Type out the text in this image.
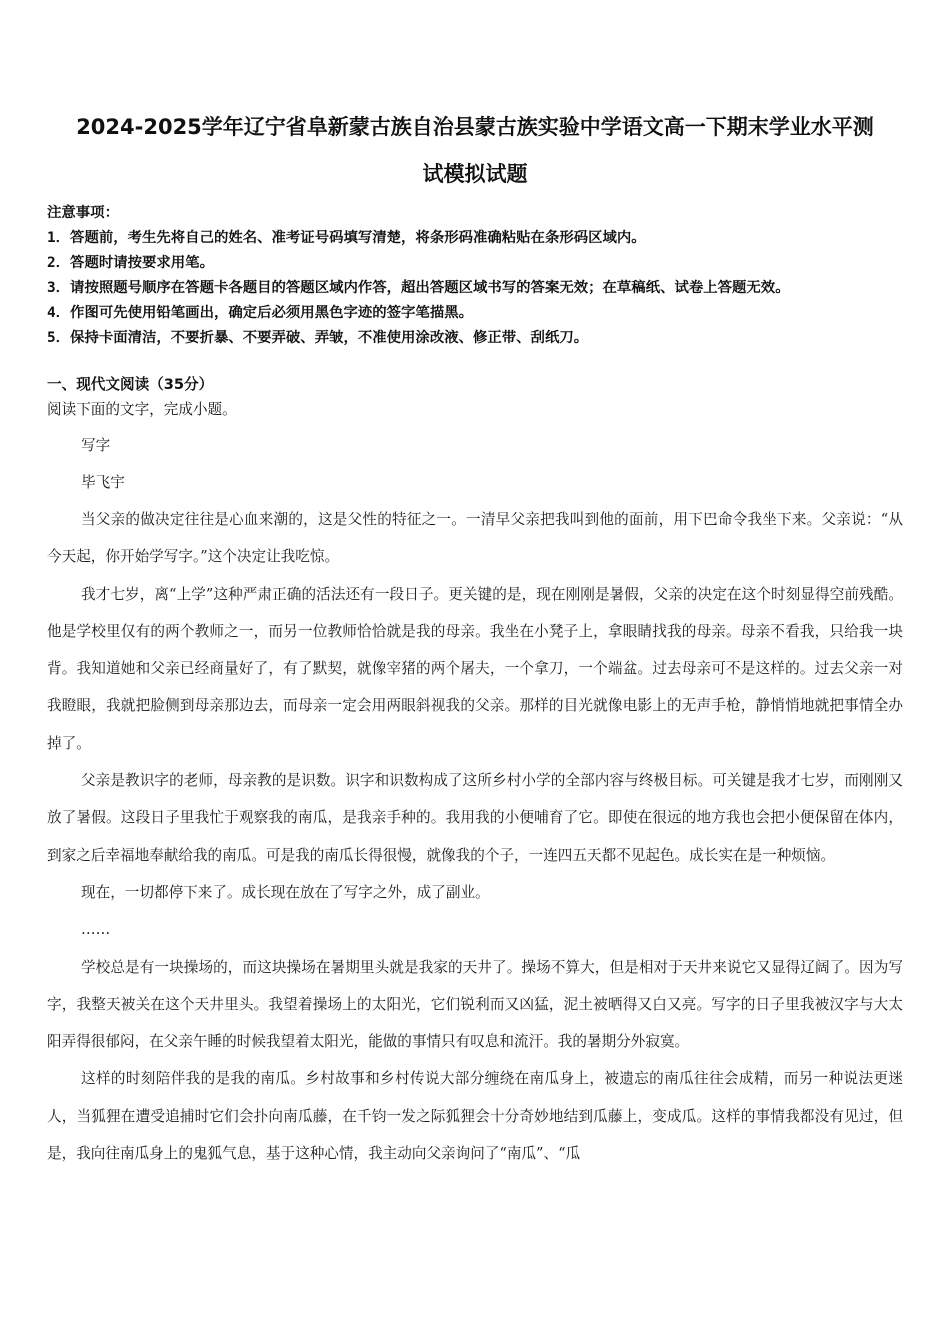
2024-2025学年辽宁省阜新蒙古族自治县蒙古族实验中学语文高一下期末学业水平测
试模拟试题
注意事项：
1．答题前，考生先将自己的姓名、准考证号码填写清楚，将条形码准确粘贴在条形码区域内。
2．答题时请按要求用笔。
3．请按照题号顺序在答题卡各题目的答题区域内作答，超出答题区域书写的答案无效；在草稿纸、试卷上答题无效。
4．作图可先使用铅笔画出，确定后必须用黑色字迹的签字笔描黑。
5．保持卡面清洁，不要折暴、不要弄破、弄皱，不准使用涂改液、修正带、刮纸刀。
一、现代文阅读（35分）
阅读下面的文字，完成小题。
写字
毕飞宇

当父亲的做决定往往是心血来潮的，这是父性的特征之一。一清早父亲把我叫到他的面前，用下巴命令我坐下来。父亲说：“从今天起，你开始学写字。”这个决定让我吃惊。

我才七岁，离“上学”这种严肃正确的活法还有一段日子。更关键的是，现在刚刚是暑假，父亲的决定在这个时刻显得空前残酷。他是学校里仅有的两个教师之一，而另一位教师恰恰就是我的母亲。我坐在小凳子上，拿眼睛找我的母亲。母亲不看我，只给我一块背。我知道她和父亲已经商量好了，有了默契，就像宰猪的两个屠夫，一个拿刀，一个端盆。过去母亲可不是这样的。过去父亲一对我瞪眼，我就把脸侧到母亲那边去，而母亲一定会用两眼斜视我的父亲。那样的目光就像电影上的无声手枪，静悄悄地就把事情全办掉了。

父亲是教识字的老师，母亲教的是识数。识字和识数构成了这所乡村小学的全部内容与终极目标。可关键是我才七岁，而刚刚又放了暑假。这段日子里我忙于观察我的南瓜，是我亲手种的。我用我的小便哺育了它。即使在很远的地方我也会把小便保留在体内，到家之后幸福地奉献给我的南瓜。可是我的南瓜长得很慢，就像我的个子，一连四五天都不见起色。成长实在是一种烦恼。

现在，一切都停下来了。成长现在放在了写字之外，成了副业。

……

学校总是有一块操场的，而这块操场在暑期里头就是我家的天井了。操场不算大，但是相对于天井来说它又显得辽阔了。因为写字，我整天被关在这个天井里头。我望着操场上的太阳光，它们锐利而又凶猛，泥土被晒得又白又亮。写字的日子里我被汉字与大太阳弄得很郁闷，在父亲午睡的时候我望着太阳光，能做的事情只有叹息和流汗。我的暑期分外寂寞。

这样的时刻陪伴我的是我的南瓜。乡村故事和乡村传说大部分缠绕在南瓜身上，被遗忘的南瓜往往会成精，而另一种说法更迷人，当狐狸在遭受追捕时它们会扑向南瓜藤，在千钧一发之际狐狸会十分奇妙地结到瓜藤上，变成瓜。这样的事情我都没有见过，但是，我向往南瓜身上的鬼狐气息，基于这种心情，我主动向父亲询问了“南瓜”、“瓜
